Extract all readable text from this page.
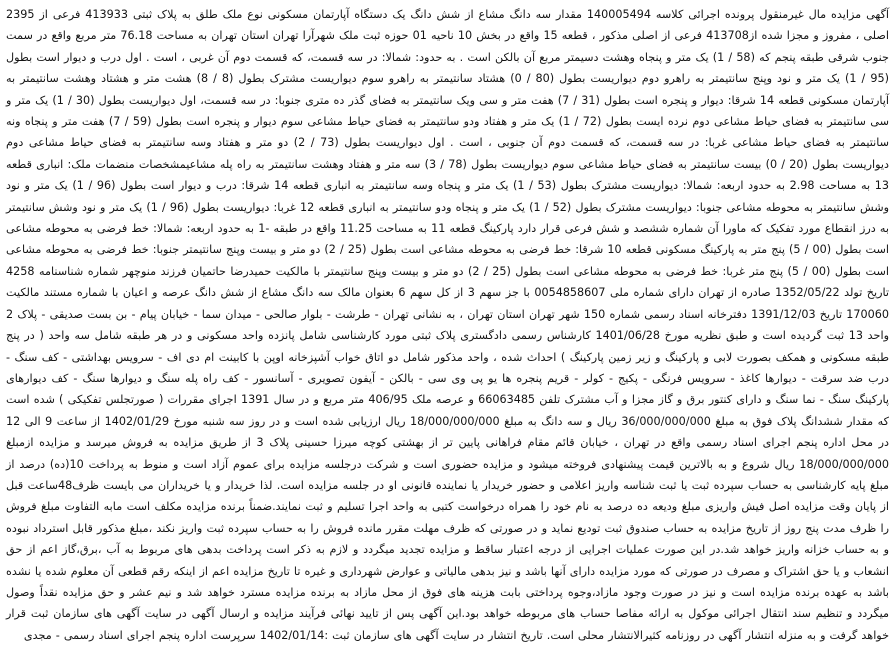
آگهی مزایده مال غیرمنقول پرونده اجرائی کلاسه 140005494 مقدار سه دانگ مشاع از شش دانگ یک دستگاه آپارتمان مسکونی نوع ملک طلق به پلاک ثبتی 413933 فرعی از 2395 اصلی ، مفروز و مجزا شده از413708 فرعی از اصلی مذکور ، قطعه 15 واقع در بخش 10 ناحیه 01 حوزه ثبت ملک شهرآرا تهران استان تهران به مساحت 76.18 متر مربع واقع در سمت جنوب شرقی طبقه پنجم که (58 / 1) یک متر و پنجاه وهشت دسیمتر مربع آن بالکن است . به حدود: شمالا: در سه قسمت، که قسمت دوم آن غربی ، است . اول درب و دیوار است بطول (95 / 1) یک متر و نود وپنج سانتیمتر به راهرو دوم دیواریست بطول (80 / 0) هشتاد سانتیمتر به راهرو سوم دیواریست مشترک بطول (8 / 8) هشت متر و هشتاد وهشت سانتیمتر به آپارتمان مسکونی قطعه 14 شرقا: دیوار و پنجره است بطول (31 / 7) هفت متر و سی ویک سانتیمتر به فضای گذر ده متری جنوبا: در سه قسمت، اول دیواریست بطول (30 / 1) یک متر و سی سانتیمتر به فضای حیاط مشاعی دوم نرده ایست بطول (72 / 1) یک متر و هفتاد ودو سانتیمتر به فضای حیاط مشاعی سوم دیوار و پنجره است بطول (59 / 7) هفت متر و پنجاه ونه سانتیمتر به فضای حیاط مشاعی غربا: در سه قسمت، که قسمت دوم آن جنوبی ، است . اول دیواریست بطول (73 / 2) دو متر و هفتاد وسه سانتیمتر به فضای حیاط مشاعی دوم دیواریست بطول (20 / 0) بیست سانتیمتر به فضای حیاط مشاعی سوم دیواریست بطول (78 / 3) سه متر و هفتاد وهشت سانتیمتر به راه پله مشاعیمشخصات منضمات ملک: انباری قطعه 13 به مساحت 2.98 به حدود اربعه: شمالا: دیواریست مشترک بطول (53 / 1) یک متر و پنجاه وسه سانتیمتر به انباری قطعه 14 شرقا: درب و دیوار است بطول (96 / 1) یک متر و نود وشش سانتیمتر به محوطه مشاعی جنوبا: دیواریست مشترک بطول (52 / 1) یک متر و پنجاه ودو سانتیمتر به انباری قطعه 12 غربا: دیواریست بطول (96 / 1) یک متر و نود وشش سانتیمتر به درز انقطاع مورد تفکیک که ماورا آن شماره ششصد و شش فرعی قرار دارد پارکینگ قطعه 11 به مساحت 11.25 واقع در طبقه -1 به حدود اربعه: شمالا: خط فرضی به محوطه مشاعی است بطول (00 / 5) پنج متر به پارکینگ مسکونی قطعه 10 شرقا: خط فرضی به محوطه مشاعی است بطول (25 / 2) دو متر و بیست وپنج سانتیمتر جنوبا: خط فرضی به محوطه مشاعی است بطول (00 / 5) پنج متر غربا: خط فرضی به محوطه مشاعی است بطول (25 / 2) دو متر و بیست وپنج سانتیمتر با مالکیت حمیدرضا حاتمیان فرزند منوچهر شماره شناسنامه 4258 تاریخ تولد 1352/05/22 صادره از تهران دارای شماره ملی 0054858607 با جز سهم 3 از کل سهم 6 بعنوان مالک سه دانگ مشاع از شش دانگ عرصه و اعیان با شماره مستند مالکیت 170060 تاریخ 1391/12/03 دفترخانه اسناد رسمی شماره 150 شهر تهران استان تهران ، به نشانی تهران - طرشت - بلوار صالحی - میدان سما - خیابان پیام - بن بست صدیقی - پلاک 2 واحد 13 ثبت گردیده است و طبق نظریه مورخ 1401/06/28 کارشناس رسمی دادگستری پلاک ثبتی مورد کارشناسی شامل پانزده واحد مسکونی و در هر طبقه شامل سه واحد ( در پنج طبقه مسکونی و همکف بصورت لابی و پارکینگ و زیر زمین پارکینگ ) احداث شده ، واحد مذکور شامل دو اتاق خواب آشپزخانه اوپن با کابینت ام دی اف - سرویس بهداشتی - کف سنگ - درب ضد سرقت - دیوارها کاغذ - سرویس فرنگی - پکیج - کولر - قریم پنجره ها یو پی وی سی - بالکن - آیفون تصویری - آسانسور - کف راه پله سنگ و دیوارها سنگ - کف دیوارهای پارکینگ سنگ - نما سنگ و دارای کنتور برق و گاز مجزا و آب مشترک تلفن 66063485 و عرصه ملک 406/95 متر مربع و در سال 1391 اجرای مقررات ( صورتجلس تفکیکی ) شده است که مقدار ششدانگ پلاک فوق به مبلغ 36/000/000/000 ریال و سه دانگ به مبلغ 18/000/000/000 ریال ارزیابی شده است و در روز سه شنبه مورخ 1402/01/29 از ساعت 9 الی 12 در محل اداره پنجم اجرای اسناد رسمی واقع در تهران ، خیابان قائم مقام فراهانی پایین تر از بهشتی کوچه میرزا حسینی پلاک 3 از طریق مزایده به فروش میرسد و مزایده ازمبلغ 18/000/000/000 ریال شروع و به بالاترین قیمت پیشنهادی فروخته میشود و مزایده حضوری است و شرکت درجلسه مزایده برای عموم آزاد است و منوط به پرداخت 10(ده) درصد از مبلغ پایه کارشناسی به حساب سپرده ثبت یا ثبت شناسه واریز اعلامی و حضور خریدار یا نماینده قانونی او در جلسه مزایده است. لذا خریدار و یا خریداران می بایست ظرف48ساعت قبل از پایان وقت مزایده اصل فیش واریزی مبلغ ودیعه ده درصد به نام خود را همراه درخواست کتبی به واحد اجرا تسلیم و ثبت نمایند.ضمناً برنده مزایده مکلف است مابه التفاوت مبلغ فروش را ظرف مدت پنج روز از تاریخ مزایده به حساب صندوق ثبت تودیع نماید و در صورتی که ظرف مهلت مقرر مانده فروش را به حساب سپرده ثبت واریز نکند ،مبلغ مذکور قابل استرداد نبوده و به حساب خزانه واریز خواهد شد.در این صورت عملیات اجرایی از درجه اعتبار ساقط و مزایده تجدید میگردد و لازم به ذکر است پرداخت بدهی های مربوط به آب ،برق،گاز اعم از حق انشعاب و یا حق اشتراک و مصرف در صورتی که مورد مزایده دارای آنها باشد و نیز بدهی مالیاتی و عوارض شهرداری و غیره تا تاریخ مزایده اعم از اینکه رقم قطعی آن معلوم شده یا نشده باشد به عهده برنده مزایده است و نیز در صورت وجود مازاد،وجوه پرداختی بابت هزینه های فوق از محل مازاد به برنده مزایده مسترد خواهد شد و نیم عشر و حق مزایده نقداً وصول میگردد و تنظیم سند انتقال اجرائی موکول به ارائه مفاصا حساب های مربوطه خواهد بود.این آگهی پس از تایید نهائی فرآیند مزایده و ارسال آگهی در سایت آگهی های سازمان ثبت قرار خواهد گرفت و به منزله انتشار آگهی در روزنامه کثیرالانتشار محلی است. تاریخ انتشار در سایت آگهی های سازمان ثبت :1402/01/14 سرپرست اداره پنجم اجرای اسناد رسمی - مجدی
